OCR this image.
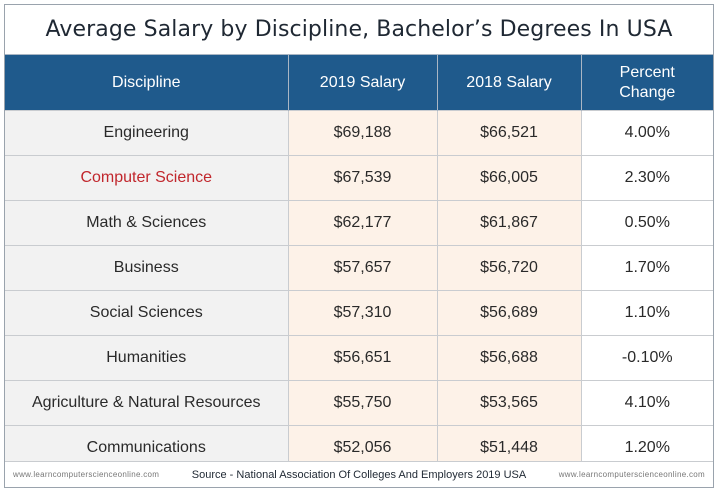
Average Salary by Discipline, Bachelor’s Degrees In USA
Discipline	2019 Salary	2018 Salary	Percent
Change
Engineering	$69,188	$66,521	4.00%
Computer Science	$67,539	$66,005	2.30%
Math & Sciences	$62,177	$61,867	0.50%
Business	$57,657	$56,720	1.70%
Social Sciences	$57,310	$56,689	1.10%
Humanities	$56,651	$56,688	-0.10%
Agriculture & Natural Resources	$55,750	$53,565	4.10%
Communications	$52,056	$51,448	1.20%
www.learncomputerscienceonline.com	Source - National Association Of Colleges And Employers 2019 USA	www.learncomputerscienceonline.com
